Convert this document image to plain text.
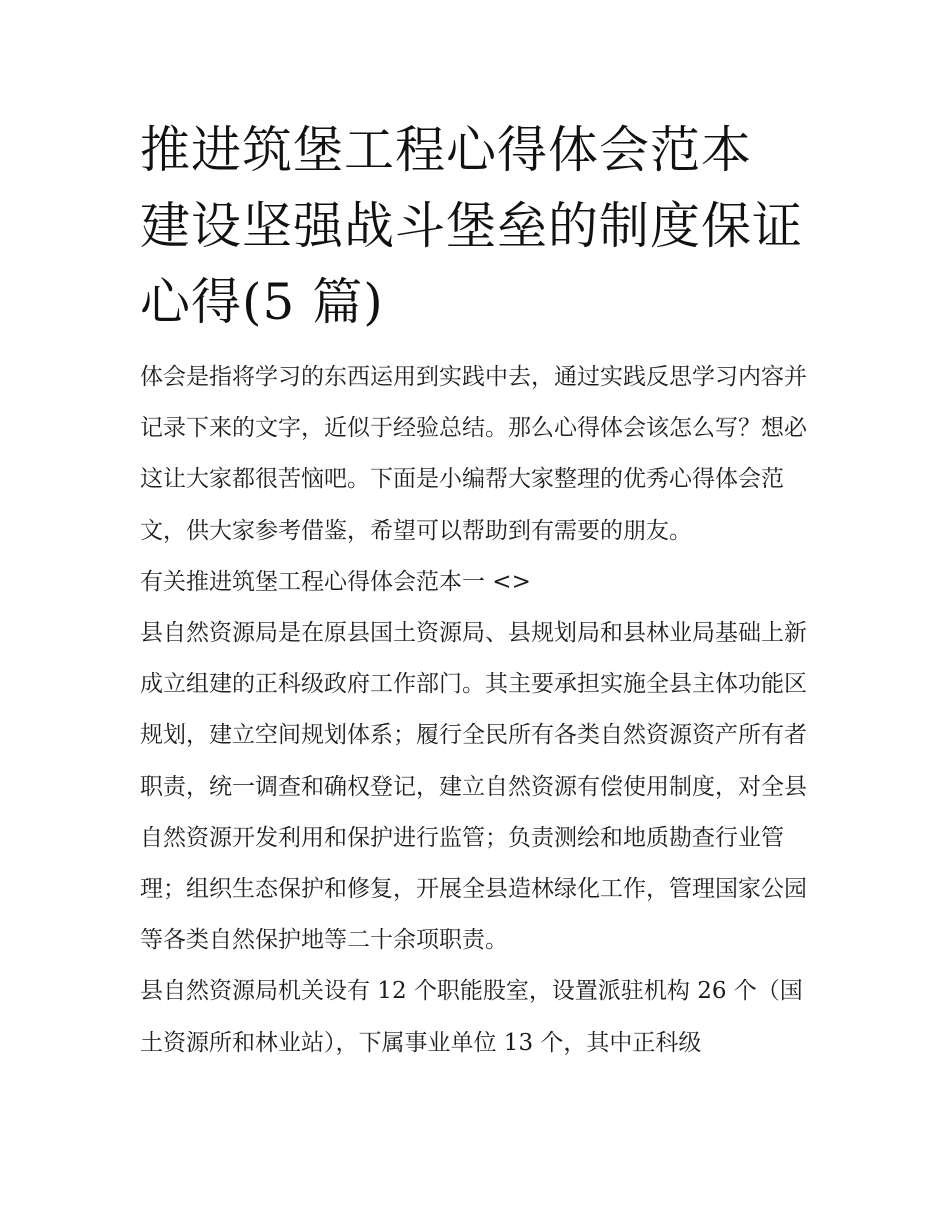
推进筑堡工程心得体会范本 建设坚强战斗堡垒的制度保证心得(5 篇)

体会是指将学习的东西运用到实践中去，通过实践反思学习内容并记录下来的文字，近似于经验总结。那么心得体会该怎么写？想必这让大家都很苦恼吧。下面是小编帮大家整理的优秀心得体会范文，供大家参考借鉴，希望可以帮助到有需要的朋友。

有关推进筑堡工程心得体会范本一 <>

县自然资源局是在原县国土资源局、县规划局和县林业局基础上新成立组建的正科级政府工作部门。其主要承担实施全县主体功能区规划，建立空间规划体系；履行全民所有各类自然资源资产所有者职责，统一调查和确权登记，建立自然资源有偿使用制度，对全县自然资源开发利用和保护进行监管；负责测绘和地质勘查行业管理；组织生态保护和修复，开展全县造林绿化工作，管理国家公园等各类自然保护地等二十余项职责。

县自然资源局机关设有 12 个职能股室，设置派驻机构 26 个（国土资源所和林业站），下属事业单位 13 个，其中正科级
